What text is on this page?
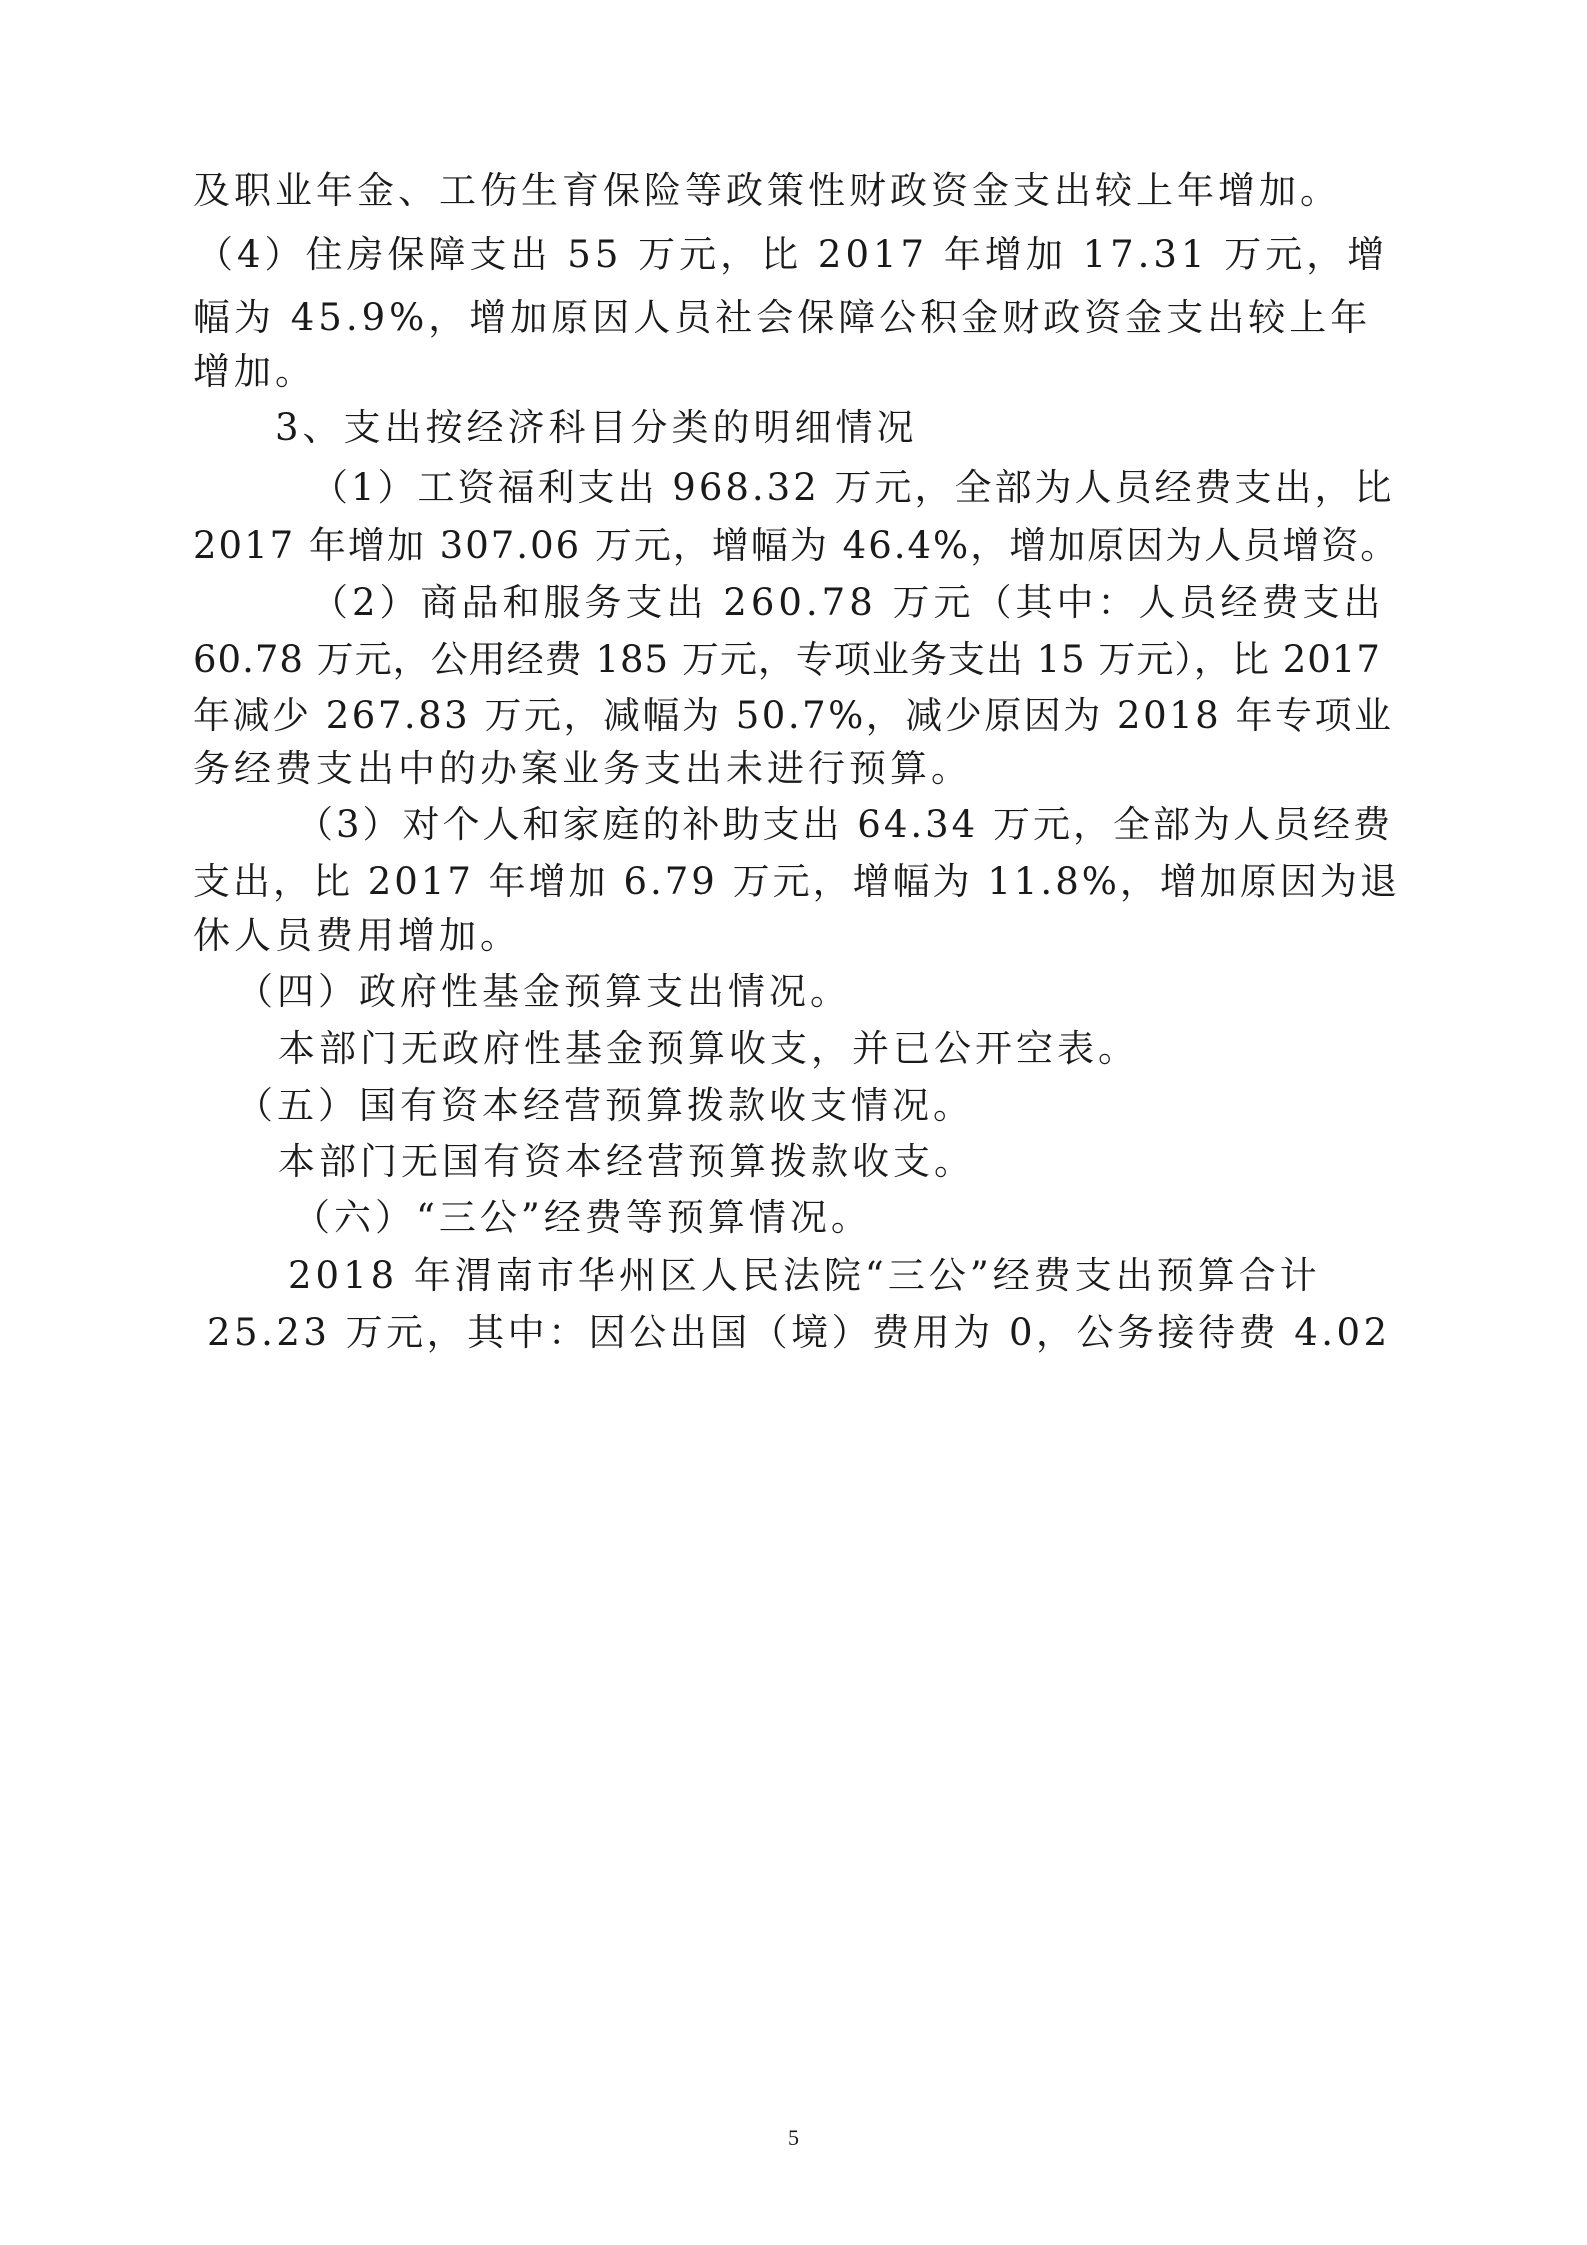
及职业年金、工伤生育保险等政策性财政资金支出较上年增加。
（4）住房保障支出 55 万元，比 2017 年增加 17.31 万元，增
幅为 45.9%，增加原因人员社会保障公积金财政资金支出较上年
增加。
3、支出按经济科目分类的明细情况
（1）工资福利支出 968.32 万元，全部为人员经费支出，比
2017 年增加 307.06 万元，增幅为 46.4%，增加原因为人员增资。
（2）商品和服务支出 260.78 万元（其中：人员经费支出
60.78 万元，公用经费 185 万元，专项业务支出 15 万元），比 2017
年减少 267.83 万元，减幅为 50.7%，减少原因为 2018 年专项业
务经费支出中的办案业务支出未进行预算。
（3）对个人和家庭的补助支出 64.34 万元，全部为人员经费
支出，比 2017 年增加 6.79 万元，增幅为 11.8%，增加原因为退
休人员费用增加。
（四）政府性基金预算支出情况。
本部门无政府性基金预算收支，并已公开空表。
（五）国有资本经营预算拨款收支情况。
本部门无国有资本经营预算拨款收支。
（六）“三公”经费等预算情况。
2018 年渭南市华州区人民法院“三公”经费支出预算合计
25.23 万元，其中：因公出国（境）费用为 0，公务接待费 4.02
5
